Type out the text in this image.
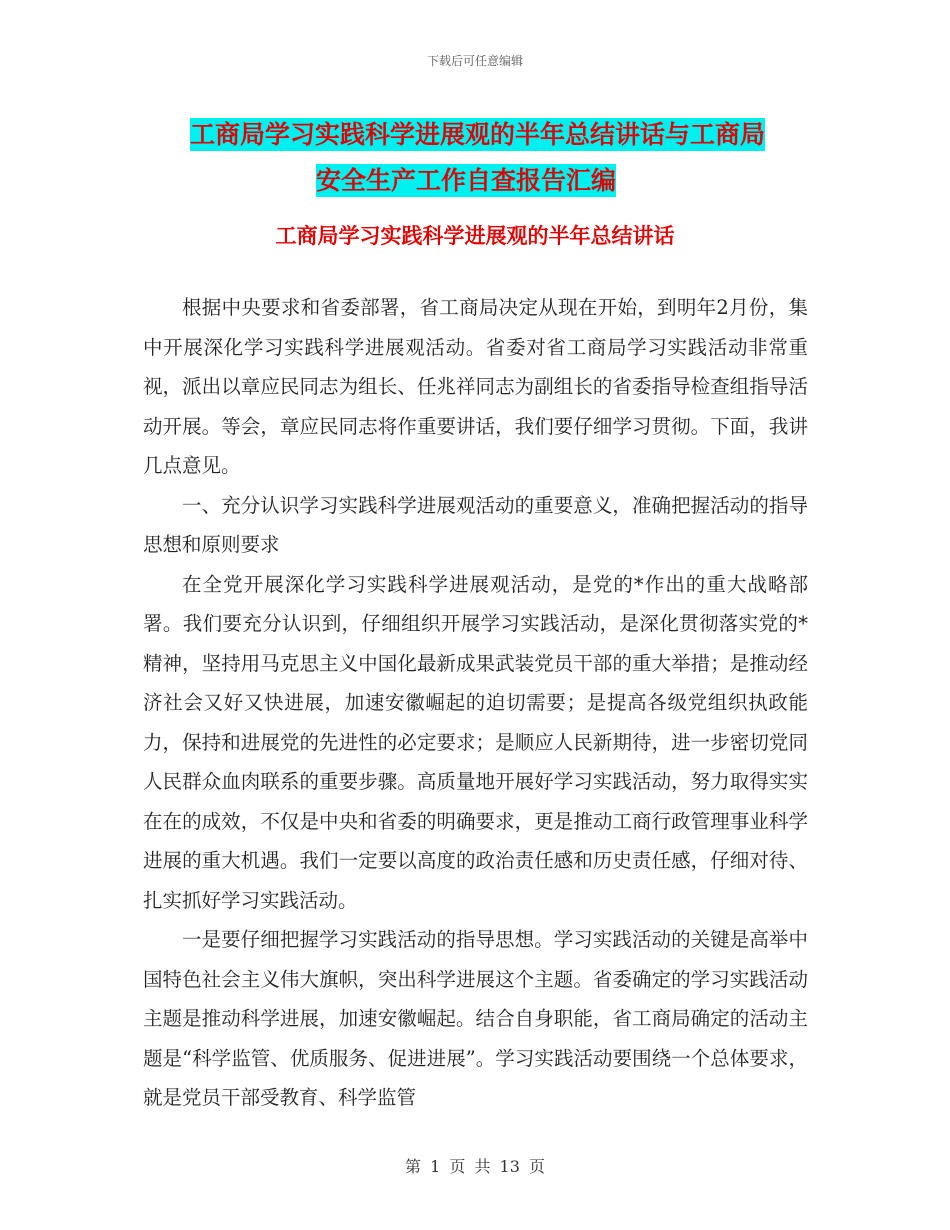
下载后可任意编辑
工商局学习实践科学进展观的半年总结讲话与工商局
安全生产工作自查报告汇编
工商局学习实践科学进展观的半年总结讲话

根据中央要求和省委部署，省工商局决定从现在开始，到明年2月份，集中开展深化学习实践科学进展观活动。省委对省工商局学习实践活动非常重视，派出以章应民同志为组长、任兆祥同志为副组长的省委指导检查组指导活动开展。等会，章应民同志将作重要讲话，我们要仔细学习贯彻。下面，我讲几点意见。

一、充分认识学习实践科学进展观活动的重要意义，准确把握活动的指导思想和原则要求

在全党开展深化学习实践科学进展观活动，是党的*作出的重大战略部署。我们要充分认识到，仔细组织开展学习实践活动，是深化贯彻落实党的*精神，坚持用马克思主义中国化最新成果武装党员干部的重大举措；是推动经济社会又好又快进展，加速安徽崛起的迫切需要；是提高各级党组织执政能力，保持和进展党的先进性的必定要求；是顺应人民新期待，进一步密切党同人民群众血肉联系的重要步骤。高质量地开展好学习实践活动，努力取得实实在在的成效，不仅是中央和省委的明确要求，更是推动工商行政管理事业科学进展的重大机遇。我们一定要以高度的政治责任感和历史责任感，仔细对待、扎实抓好学习实践活动。

一是要仔细把握学习实践活动的指导思想。学习实践活动的关键是高举中国特色社会主义伟大旗帜，突出科学进展这个主题。省委确定的学习实践活动主题是推动科学进展，加速安徽崛起。结合自身职能，省工商局确定的活动主题是“科学监管、优质服务、促进进展”。学习实践活动要围绕一个总体要求，就是党员干部受教育、科学监管

第 1 页 共 13 页
